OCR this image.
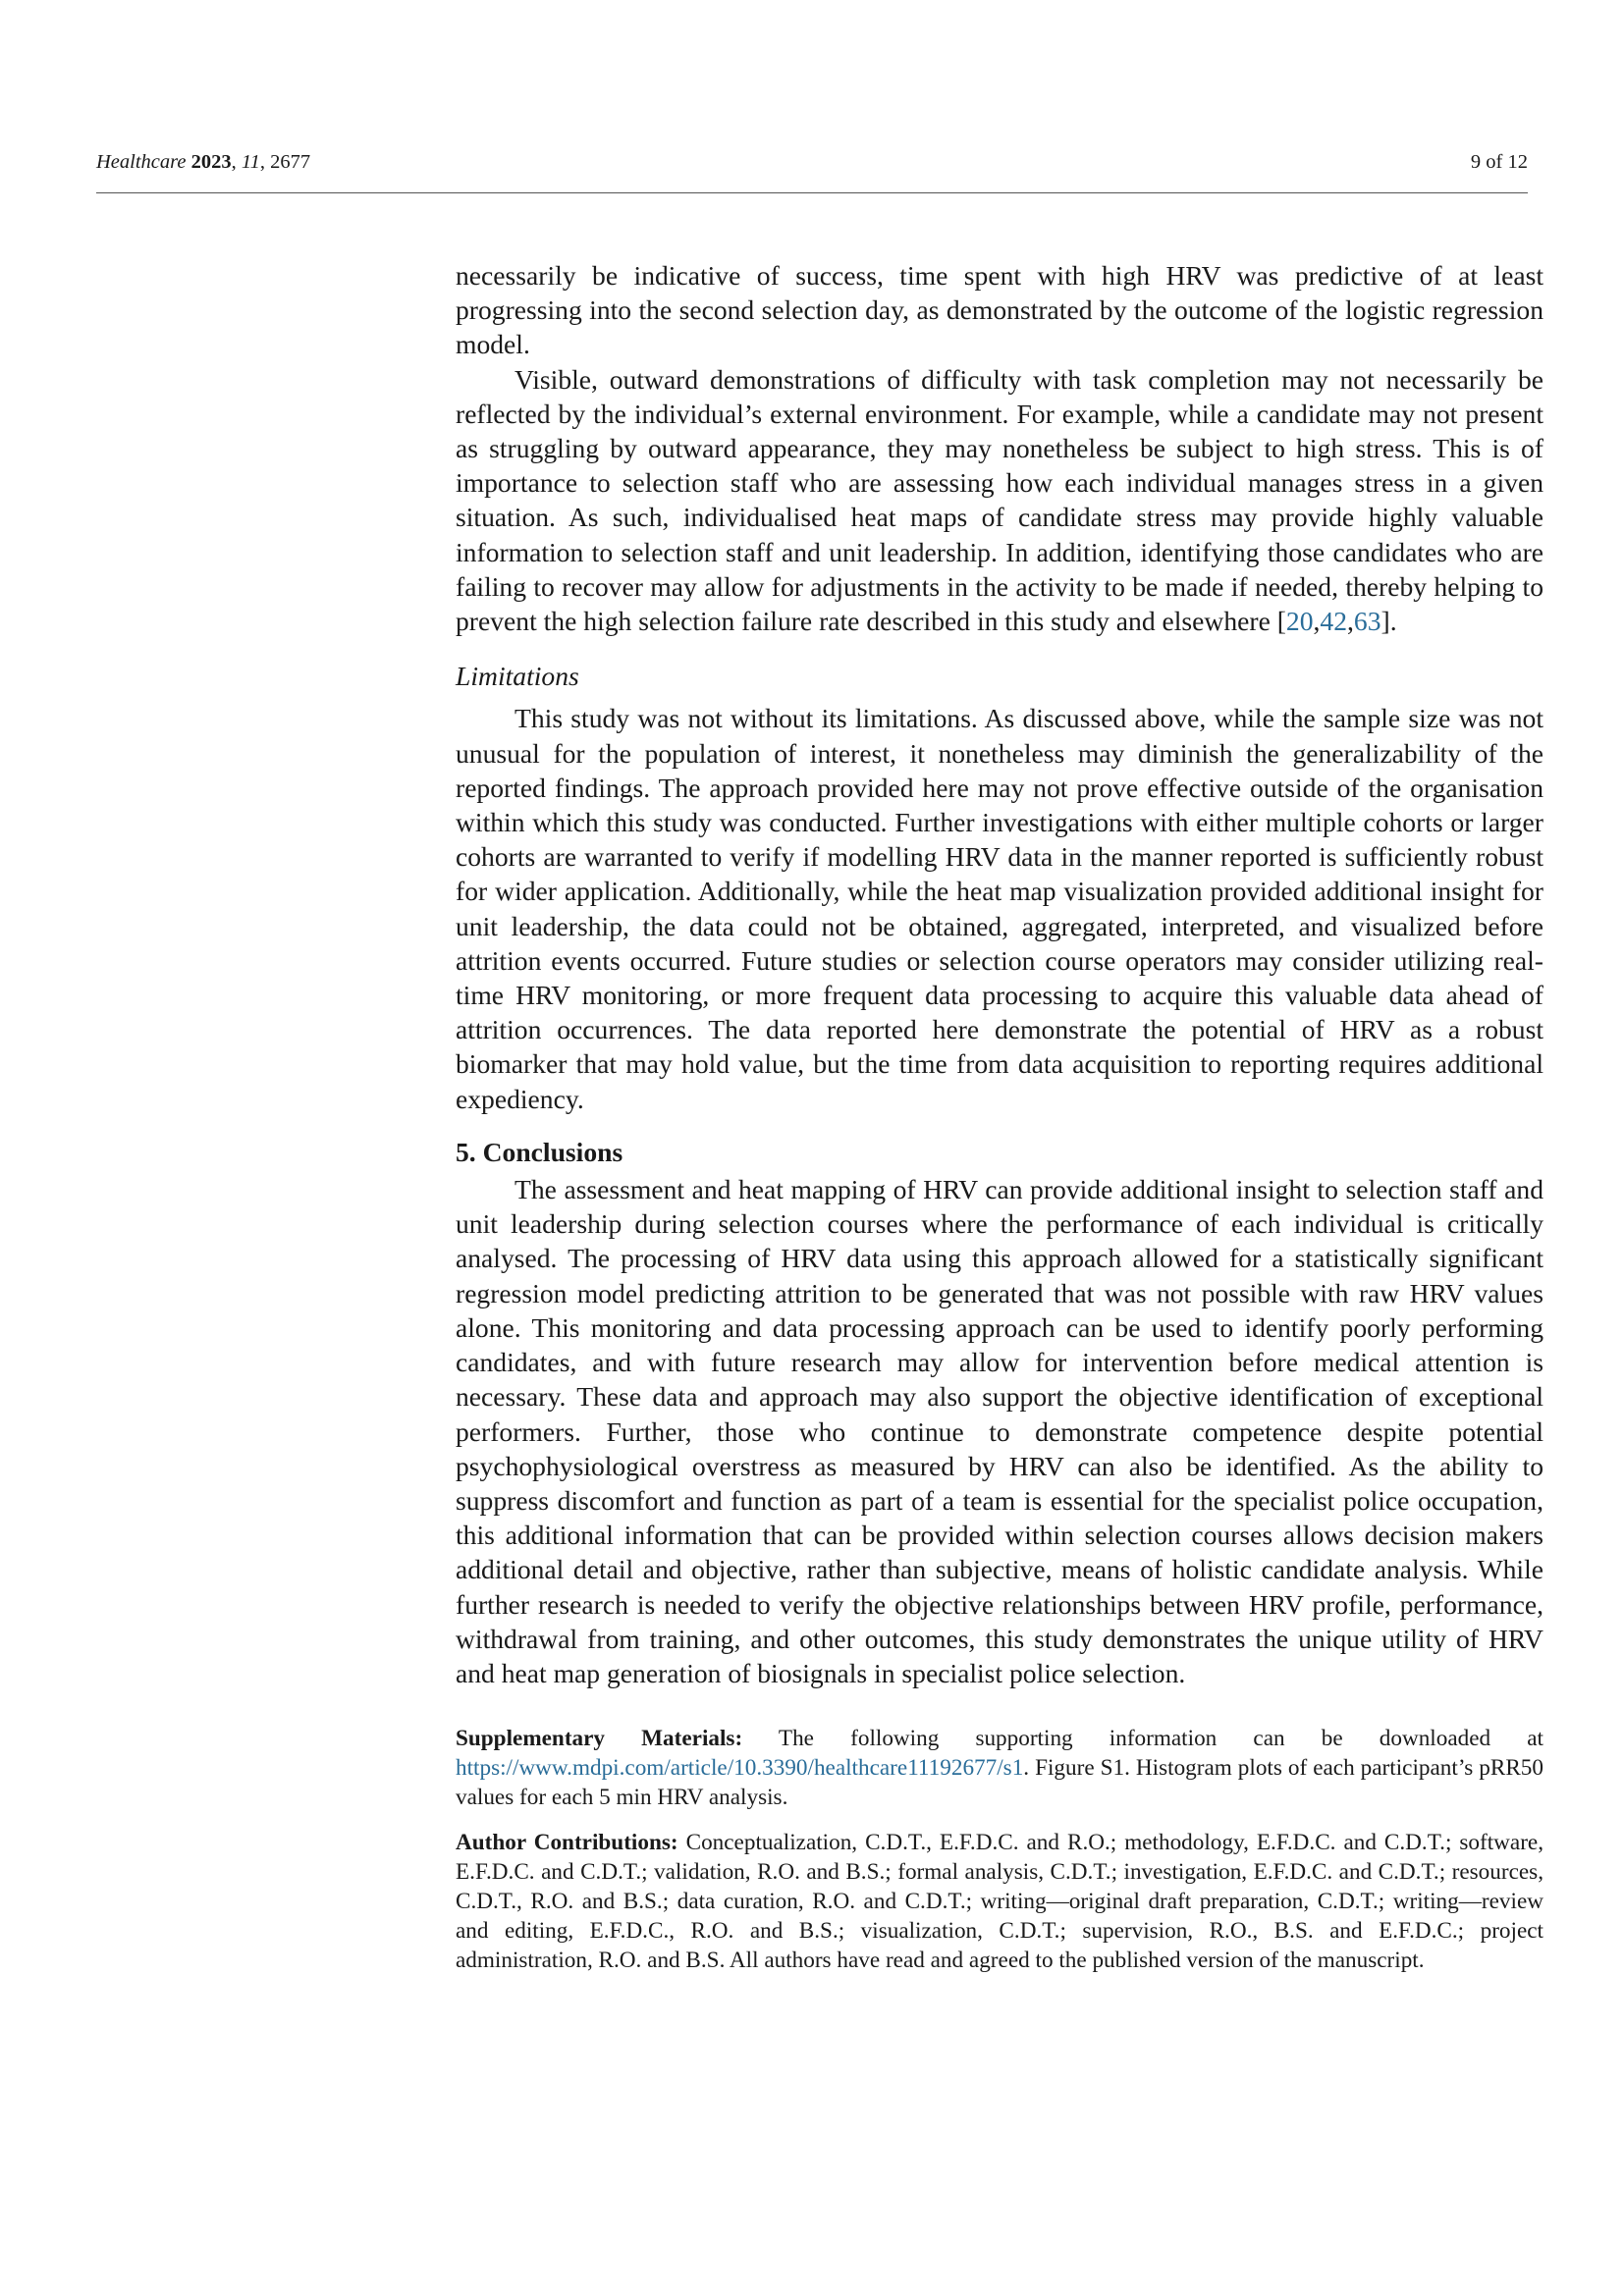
Healthcare 2023, 11, 2677	9 of 12

necessarily be indicative of success, time spent with high HRV was predictive of at least progressing into the second selection day, as demonstrated by the outcome of the logistic regression model.

Visible, outward demonstrations of difficulty with task completion may not necessarily be reflected by the individual’s external environment. For example, while a candidate may not present as struggling by outward appearance, they may nonetheless be subject to high stress. This is of importance to selection staff who are assessing how each individual manages stress in a given situation. As such, individualised heat maps of candidate stress may provide highly valuable information to selection staff and unit leadership. In addition, identifying those candidates who are failing to recover may allow for adjustments in the activity to be made if needed, thereby helping to prevent the high selection failure rate described in this study and elsewhere [20,42,63].

Limitations

This study was not without its limitations. As discussed above, while the sample size was not unusual for the population of interest, it nonetheless may diminish the generalizability of the reported findings. The approach provided here may not prove effective outside of the organisation within which this study was conducted. Further investigations with either multiple cohorts or larger cohorts are warranted to verify if modelling HRV data in the manner reported is sufficiently robust for wider application. Additionally, while the heat map visualization provided additional insight for unit leadership, the data could not be obtained, aggregated, interpreted, and visualized before attrition events occurred. Future studies or selection course operators may consider utilizing real-time HRV monitoring, or more frequent data processing to acquire this valuable data ahead of attrition occurrences. The data reported here demonstrate the potential of HRV as a robust biomarker that may hold value, but the time from data acquisition to reporting requires additional expediency.

5. Conclusions

The assessment and heat mapping of HRV can provide additional insight to selection staff and unit leadership during selection courses where the performance of each individual is critically analysed. The processing of HRV data using this approach allowed for a statistically significant regression model predicting attrition to be generated that was not possible with raw HRV values alone. This monitoring and data processing approach can be used to identify poorly performing candidates, and with future research may allow for intervention before medical attention is necessary. These data and approach may also support the objective identification of exceptional performers. Further, those who continue to demonstrate competence despite potential psychophysiological overstress as measured by HRV can also be identified. As the ability to suppress discomfort and function as part of a team is essential for the specialist police occupation, this additional information that can be provided within selection courses allows decision makers additional detail and objective, rather than subjective, means of holistic candidate analysis. While further research is needed to verify the objective relationships between HRV profile, performance, withdrawal from training, and other outcomes, this study demonstrates the unique utility of HRV and heat map generation of biosignals in specialist police selection.

Supplementary Materials: The following supporting information can be downloaded at https://www.mdpi.com/article/10.3390/healthcare11192677/s1. Figure S1. Histogram plots of each participant’s pRR50 values for each 5 min HRV analysis.

Author Contributions: Conceptualization, C.D.T., E.F.D.C. and R.O.; methodology, E.F.D.C. and C.D.T.; software, E.F.D.C. and C.D.T.; validation, R.O. and B.S.; formal analysis, C.D.T.; investigation, E.F.D.C. and C.D.T.; resources, C.D.T., R.O. and B.S.; data curation, R.O. and C.D.T.; writing—original draft preparation, C.D.T.; writing—review and editing, E.F.D.C., R.O. and B.S.; visualization, C.D.T.; supervision, R.O., B.S. and E.F.D.C.; project administration, R.O. and B.S. All authors have read and agreed to the published version of the manuscript.
